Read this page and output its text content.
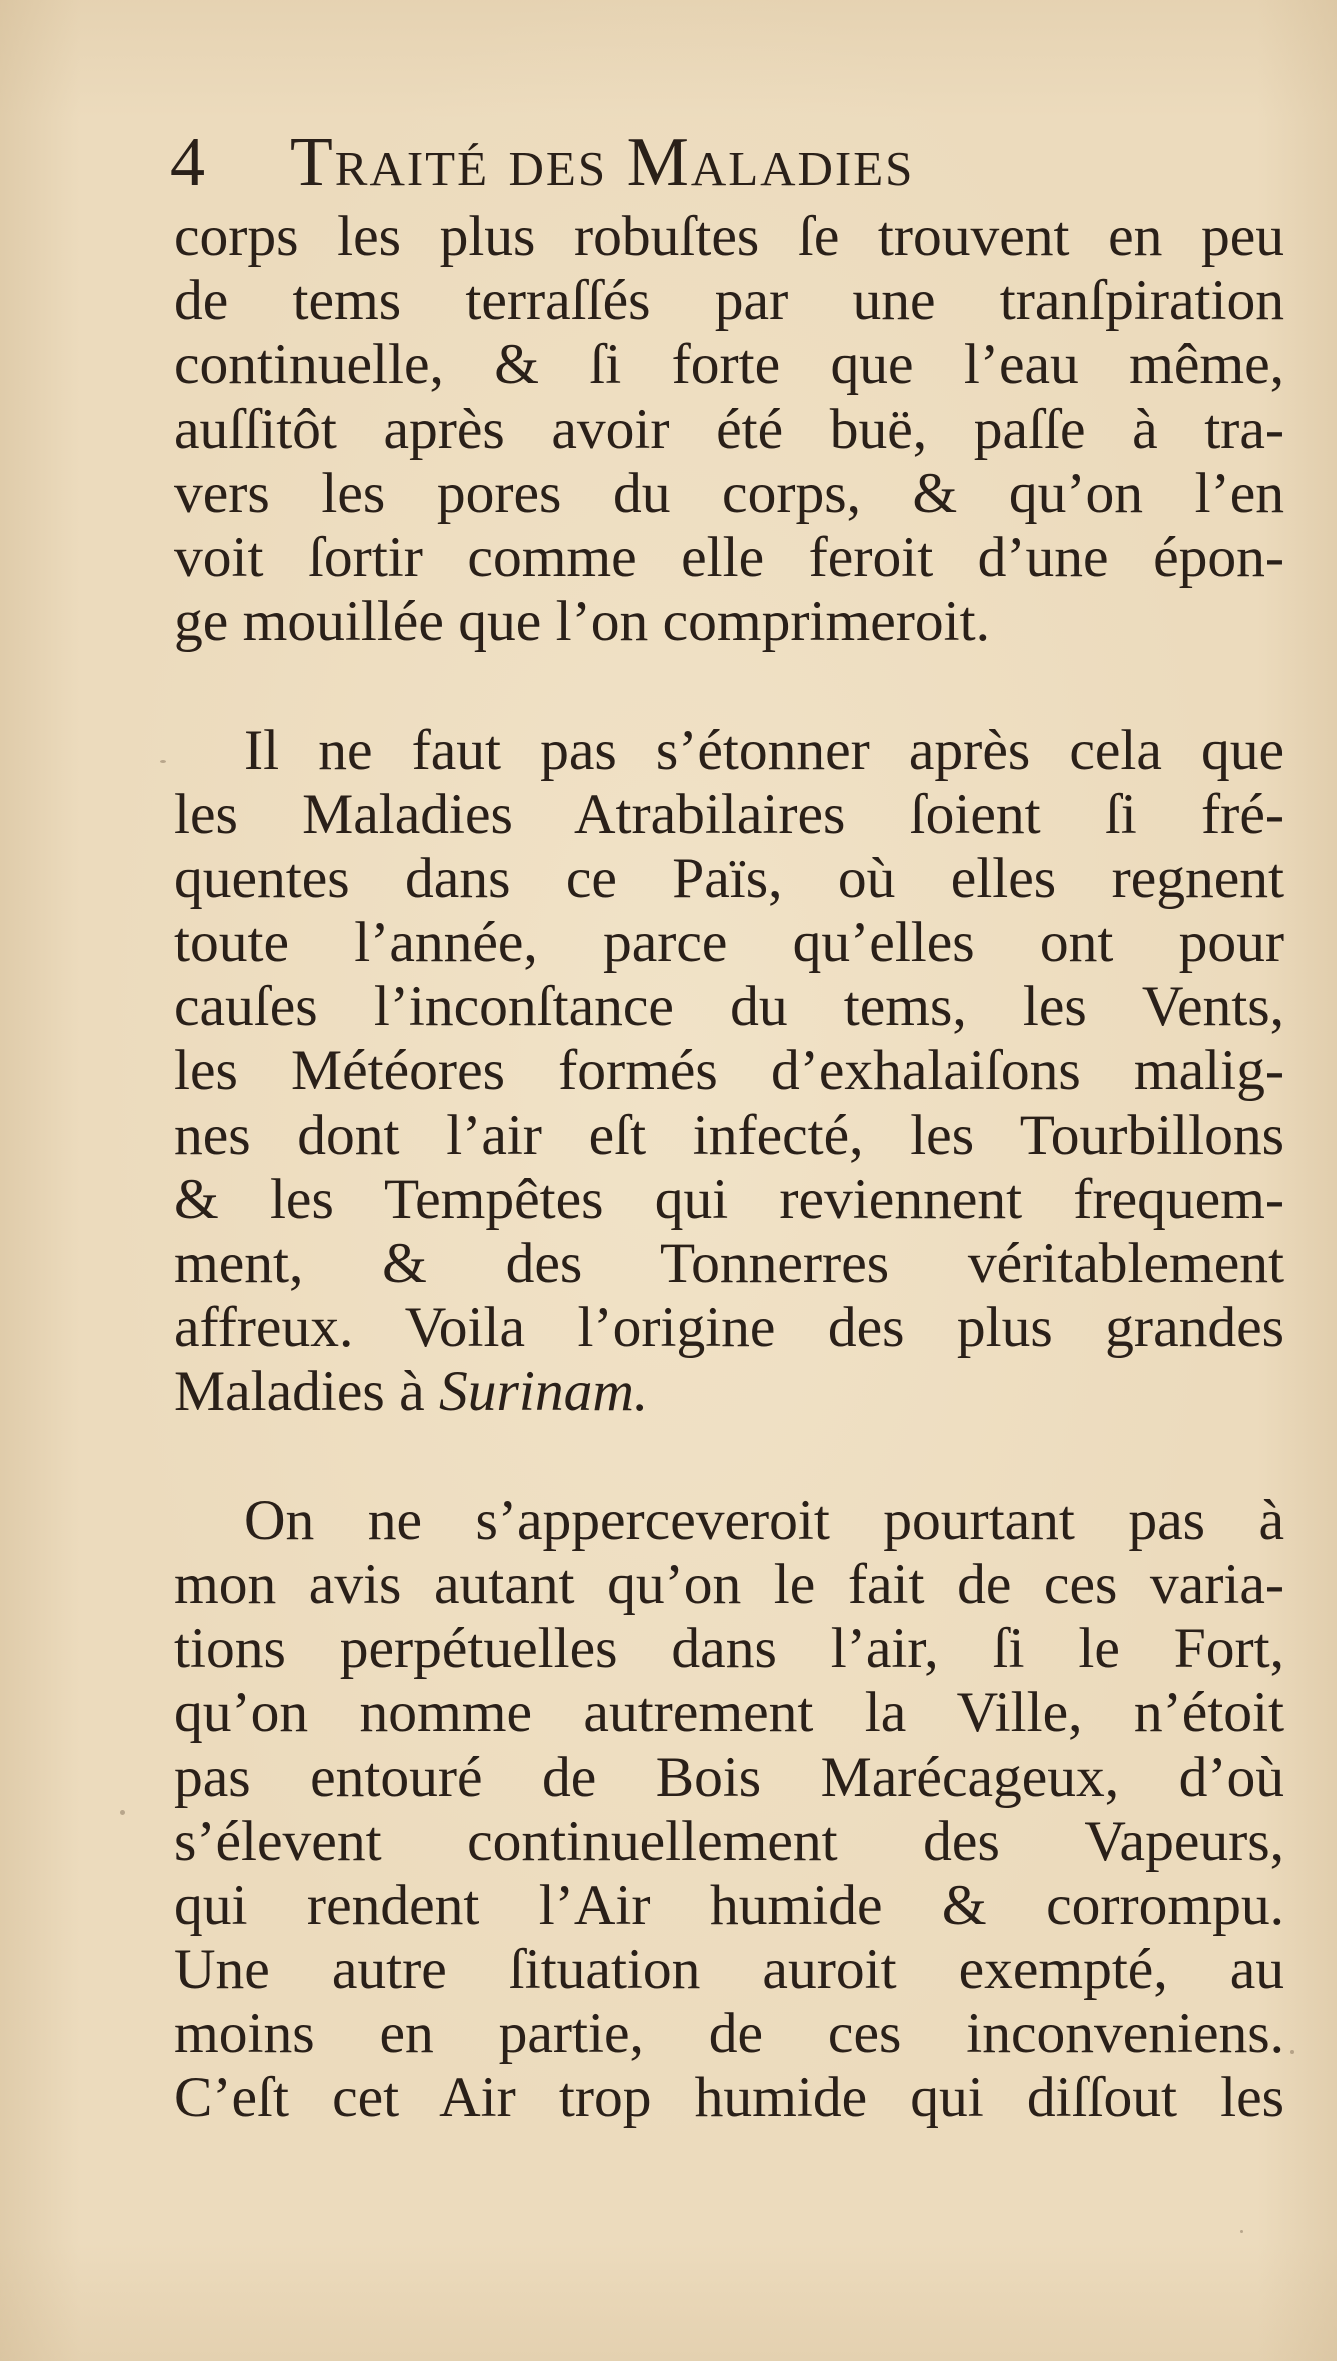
4 Traité des Maladies
corps les plus robuſtes ſe trouvent en peu
de tems terraſſés par une tranſpiration
continuelle, & ſi forte que l’eau même,
auſſitôt après avoir été buë, paſſe à tra-
vers les pores du corps, & qu’on l’en
voit ſortir comme elle feroit d’une épon-
ge mouillée que l’on comprimeroit.
Il ne faut pas s’étonner après cela que
les Maladies Atrabilaires ſoient ſi fré-
quentes dans ce Païs, où elles regnent
toute l’année, parce qu’elles ont pour
cauſes l’inconſtance du tems, les Vents,
les Météores formés d’exhalaiſons malig-
nes dont l’air eſt infecté, les Tourbillons
& les Tempêtes qui reviennent frequem-
ment, & des Tonnerres véritablement
affreux. Voila l’origine des plus grandes
Maladies à Surinam.
On ne s’apperceveroit pourtant pas à
mon avis autant qu’on le fait de ces varia-
tions perpétuelles dans l’air, ſi le Fort,
qu’on nomme autrement la Ville, n’étoit
pas entouré de Bois Marécageux, d’où
s’élevent continuellement des Vapeurs,
qui rendent l’Air humide & corrompu.
Une autre ſituation auroit exempté, au
moins en partie, de ces inconveniens.
C’eſt cet Air trop humide qui diſſout les
